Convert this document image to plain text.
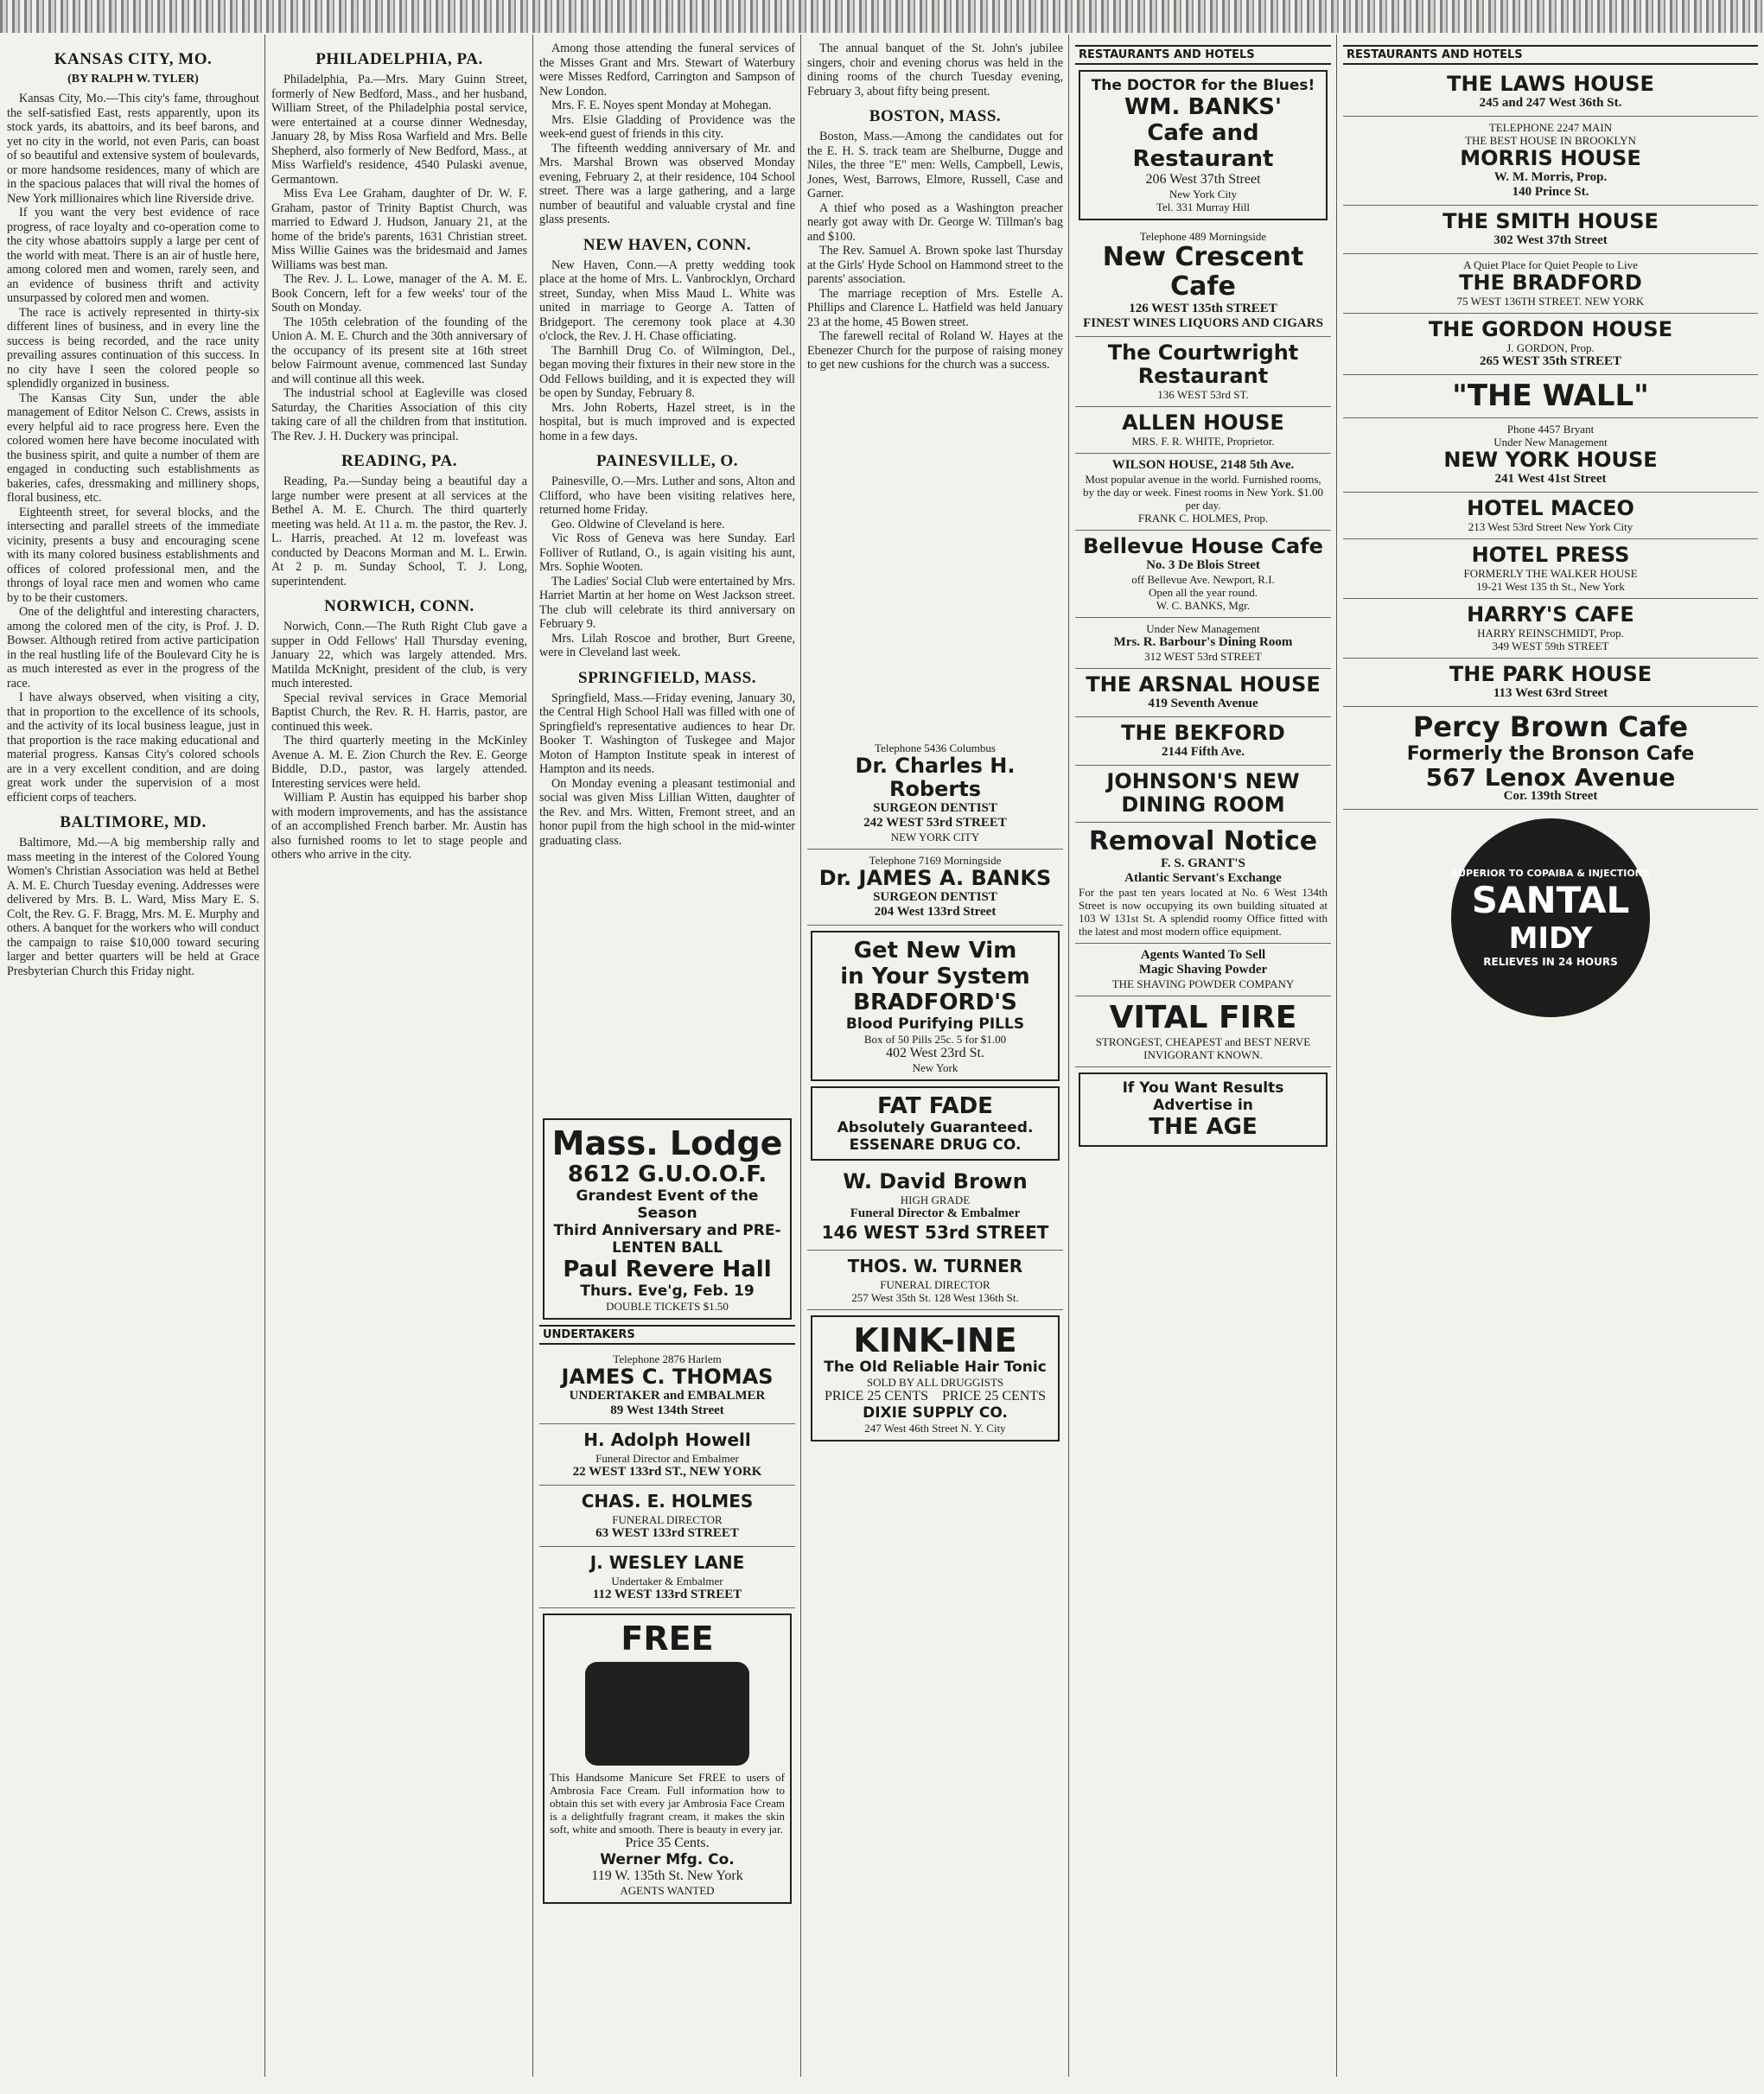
KANSAS CITY, MO.
(BY RALPH W. TYLER)

Kansas City, Mo.—This city's fame, throughout the self-satisfied East, rests apparently, upon its stock yards, its abattoirs, and its beef barons, and yet no city in the world, not even Paris, can boast of so beautiful and extensive system of boulevards, or more handsome residences, many of which are in the spacious palaces that will rival the homes of New York millionaires which line Riverside drive.

If you want the very best evidence of race progress, of race loyalty and co-operation come to the city whose abattoirs supply a large per cent of the world with meat. There is an air of hustle here, among colored men and women, rarely seen, and an evidence of business thrift and activity unsurpassed by colored men and women.

The race is actively represented in thirty-six different lines of business, and in every line the success is being recorded, and the race unity prevailing assures continuation of this success. In no city have I seen the colored people so splendidly organized in business.

The Kansas City Sun, under the able management of Editor Nelson C. Crews, assists in every helpful aid to race progress here. Even the colored women here have become inoculated with the business spirit, and quite a number of them are engaged in conducting such establishments as bakeries, cafes, dressmaking and millinery shops, floral business, etc.

Eighteenth street, for several blocks, and the intersecting and parallel streets of the immediate vicinity, presents a busy and encouraging scene with its many colored business establishments and offices of colored professional men, and the throngs of loyal race men and women who came by to be their customers.

One of the delightful and interesting characters, among the colored men of the city, is Prof. J. D. Bowser. Although retired from active participation in the real hustling life of the Boulevard City he is as much interested as ever in the progress of the race.

I have always observed, when visiting a city, that in proportion to the excellence of its schools, and the activity of its local business league, just in that proportion is the race making educational and material progress. Kansas City's colored schools are in a very excellent condition, and are doing great work under the supervision of a most efficient corps of teachers.

BALTIMORE, MD.

Baltimore, Md.—A big membership rally and mass meeting in the interest of the Colored Young Women's Christian Association was held at Bethel A. M. E. Church Tuesday evening. Addresses were delivered by Mrs. B. L. Ward, Miss Mary E. S. Colt, the Rev. G. F. Bragg, Mrs. M. E. Murphy and others. A banquet for the workers who will conduct the campaign to raise $10,000 toward securing larger and better quarters will be held at Grace Presbyterian Church this Friday night.

PHILADELPHIA, PA.

Philadelphia, Pa.—Mrs. Mary Guinn Street, formerly of New Bedford, Mass., and her husband, William Street, of the Philadelphia postal service, were entertained at a course dinner Wednesday, January 28, by Miss Rosa Warfield and Mrs. Belle Shepherd, also formerly of New Bedford, Mass., at Miss Warfield's residence, 4540 Pulaski avenue, Germantown.

Miss Eva Lee Graham, daughter of Dr. W. F. Graham, pastor of Trinity Baptist Church, was married to Edward J. Hudson, January 21, at the home of the bride's parents, 1631 Christian street. Miss Willie Gaines was the bridesmaid and James Williams was best man.

The Rev. J. L. Lowe, manager of the A. M. E. Book Concern, left for a few weeks' tour of the South on Monday.

The 105th celebration of the founding of the Union A. M. E. Church and the 30th anniversary of the occupancy of its present site at 16th street below Fairmount avenue, commenced last Sunday and will continue all this week.

The industrial school at Eagleville was closed Saturday, the Charities Association of this city taking care of all the children from that institution. The Rev. J. H. Duckery was principal.

READING, PA.

Reading, Pa.—Sunday being a beautiful day a large number were present at all services at the Bethel A. M. E. Church. The third quarterly meeting was held. At 11 a. m. the pastor, the Rev. J. L. Harris, preached. At 12 m. lovefeast was conducted by Deacons Morman and M. L. Erwin. At 2 p. m. Sunday School, T. J. Long, superintendent.

NORWICH, CONN.

Norwich, Conn.—The Ruth Right Club gave a supper in Odd Fellows' Hall Thursday evening, January 22, which was largely attended. Mrs. Matilda McKnight, president of the club, is very much interested.

Special revival services in Grace Memorial Baptist Church, the Rev. R. H. Harris, pastor, are continued this week.

The third quarterly meeting in the McKinley Avenue A. M. E. Zion Church the Rev. E. George Biddle, D.D., pastor, was largely attended. Interesting services were held.

William P. Austin has equipped his barber shop with modern improvements, and has the assistance of an accomplished French barber. Mr. Austin has also furnished rooms to let to stage people and others who arrive in the city.

Among those attending the funeral services of the Misses Grant and Mrs. Stewart of Waterbury were Misses Redford, Carrington and Sampson of New London.

Mrs. F. E. Noyes spent Monday at Mohegan.

Mrs. Elsie Gladding of Providence was the week-end guest of friends in this city.

The fifteenth wedding anniversary of Mr. and Mrs. Marshal Brown was observed Monday evening, February 2, at their residence, 104 School street. There was a large gathering, and a large number of beautiful and valuable crystal and fine glass presents.

NEW HAVEN, CONN.

New Haven, Conn.—A pretty wedding took place at the home of Mrs. L. Vanbrocklyn, Orchard street, Sunday, when Miss Maud L. White was united in marriage to George A. Tatten of Bridgeport. The ceremony took place at 4.30 o'clock, the Rev. J. H. Chase officiating.

The Barnhill Drug Co. of Wilmington, Del., began moving their fixtures in their new store in the Odd Fellows building, and it is expected they will be open by Sunday, February 8.

Mrs. John Roberts, Hazel street, is in the hospital, but is much improved and is expected home in a few days.

PAINESVILLE, O.

Painesville, O.—Mrs. Luther and sons, Alton and Clifford, who have been visiting relatives here, returned home Friday.

Geo. Oldwine of Cleveland is here.

Vic Ross of Geneva was here Sunday. Earl Folliver of Rutland, O., is again visiting his aunt, Mrs. Sophie Wooten.

The Ladies' Social Club were entertained by Mrs. Harriet Martin at her home on West Jackson street. The club will celebrate its third anniversary on February 9.

Mrs. Lilah Roscoe and brother, Burt Greene, were in Cleveland last week.

SPRINGFIELD, MASS.

Springfield, Mass.—Friday evening, January 30, the Central High School Hall was filled with one of Springfield's representative audiences to hear Dr. Booker T. Washington of Tuskegee and Major Moton of Hampton Institute speak in interest of Hampton and its needs.

On Monday evening a pleasant testimonial and social was given Miss Lillian Witten, daughter of the Rev. and Mrs. Witten, Fremont street, and an honor pupil from the high school in the mid-winter graduating class.

Mass. Lodge
8612 G.U.O.O.F.
Grandest Event of the Season
Third Anniversary and PRE-LENTEN BALL
Paul Revere Hall
Thurs. Eve'g, Feb. 19
DOUBLE TICKETS $1.50
UNDERTAKERS
Telephone 2876 Harlem
JAMES C. THOMAS
UNDERTAKER and EMBALMER
89 West 134th Street
H. Adolph Howell
Funeral Director and Embalmer
22 WEST 133rd ST., NEW YORK
CHAS. E. HOLMES
FUNERAL DIRECTOR
63 WEST 133rd STREET
J. WESLEY LANE
Undertaker & Embalmer
112 WEST 133rd STREET
FREE
This Handsome Manicure Set FREE to users of Ambrosia Face Cream. Full information how to obtain this set with every jar Ambrosia Face Cream is a delightfully fragrant cream, it makes the skin soft, white and smooth. There is beauty in every jar.
Price 35 Cents.
Werner Mfg. Co.
119 W. 135th St. New York
AGENTS WANTED

The annual banquet of the St. John's jubilee singers, choir and evening chorus was held in the dining rooms of the church Tuesday evening, February 3, about fifty being present.

BOSTON, MASS.

Boston, Mass.—Among the candidates out for the E. H. S. track team are Shelburne, Dugge and Niles, the three "E" men: Wells, Campbell, Lewis, Jones, West, Barrows, Elmore, Russell, Case and Garner.

A thief who posed as a Washington preacher nearly got away with Dr. George W. Tillman's bag and $100.

The Rev. Samuel A. Brown spoke last Thursday at the Girls' Hyde School on Hammond street to the parents' association.

The marriage reception of Mrs. Estelle A. Phillips and Clarence L. Hatfield was held January 23 at the home, 45 Bowen street.

The farewell recital of Roland W. Hayes at the Ebenezer Church for the purpose of raising money to get new cushions for the church was a success.

Telephone 5436 Columbus
Dr. Charles H. Roberts
SURGEON DENTIST
242 WEST 53rd STREET
NEW YORK CITY
Telephone 7169 Morningside
Dr. JAMES A. BANKS
SURGEON DENTIST
204 West 133rd Street
Get New Vim
in Your System
BRADFORD'S
Blood Purifying PILLS
Box of 50 Pills 25c. 5 for $1.00
402 West 23rd St.
New York
FAT FADE
Absolutely Guaranteed.
ESSENARE DRUG CO.
W. David Brown
HIGH GRADE
Funeral Director & Embalmer
146 WEST 53rd STREET
THOS. W. TURNER
FUNERAL DIRECTOR
257 West 35th St. 128 West 136th St.
KINK-INE
The Old Reliable Hair Tonic
SOLD BY ALL DRUGGISTS
PRICE 25 CENTS PRICE 25 CENTS
DIXIE SUPPLY CO.
247 West 46th Street N. Y. City
RESTAURANTS AND HOTELS
The DOCTOR for the Blues!
WM. BANKS'
Cafe and Restaurant
206 West 37th Street
New York City
Tel. 331 Murray Hill
Telephone 489 Morningside
New Crescent Cafe
126 WEST 135th STREET
FINEST WINES LIQUORS AND CIGARS
The Courtwright Restaurant
136 WEST 53rd ST.
ALLEN HOUSE
MRS. F. R. WHITE, Proprietor.
WILSON HOUSE, 2148 5th Ave.
Most popular avenue in the world. Furnished rooms, by the day or week. Finest rooms in New York. $1.00 per day.
FRANK C. HOLMES, Prop.
Bellevue House Cafe
No. 3 De Blois Street
off Bellevue Ave. Newport, R.I.
Open all the year round.
W. C. BANKS, Mgr.
Under New Management
Mrs. R. Barbour's Dining Room
312 WEST 53rd STREET
THE ARSNAL HOUSE
419 Seventh Avenue
THE BEKFORD
2144 Fifth Ave.
JOHNSON'S NEW DINING ROOM
Removal Notice
F. S. GRANT'S
Atlantic Servant's Exchange
For the past ten years located at No. 6 West 134th Street is now occupying its own building situated at 103 W 131st St. A splendid roomy Office fitted with the latest and most modern office equipment.
Agents Wanted To Sell
Magic Shaving Powder
THE SHAVING POWDER COMPANY
VITAL FIRE
STRONGEST, CHEAPEST and BEST NERVE INVIGORANT KNOWN.
If You Want Results
Advertise in
THE AGE
RESTAURANTS AND HOTELS
THE LAWS HOUSE
245 and 247 West 36th St.
TELEPHONE 2247 MAIN
THE BEST HOUSE IN BROOKLYN
MORRIS HOUSE
W. M. Morris, Prop.
140 Prince St.
THE SMITH HOUSE
302 West 37th Street
A Quiet Place for Quiet People to Live
THE BRADFORD
75 WEST 136TH STREET. NEW YORK
THE GORDON HOUSE
J. GORDON, Prop.
265 WEST 35th STREET
"THE WALL"
Phone 4457 Bryant
Under New Management
NEW YORK HOUSE
241 West 41st Street
HOTEL MACEO
213 West 53rd Street New York City
HOTEL PRESS
FORMERLY THE WALKER HOUSE
19-21 West 135 th St., New York
HARRY'S CAFE
HARRY REINSCHMIDT, Prop.
349 WEST 59th STREET
THE PARK HOUSE
113 West 63rd Street
Percy Brown Cafe
Formerly the Bronson Cafe
567 Lenox Avenue
Cor. 139th Street
SUPERIOR TO COPAIBA & INJECTIONS
SANTAL
MIDY
RELIEVES IN 24 HOURS
